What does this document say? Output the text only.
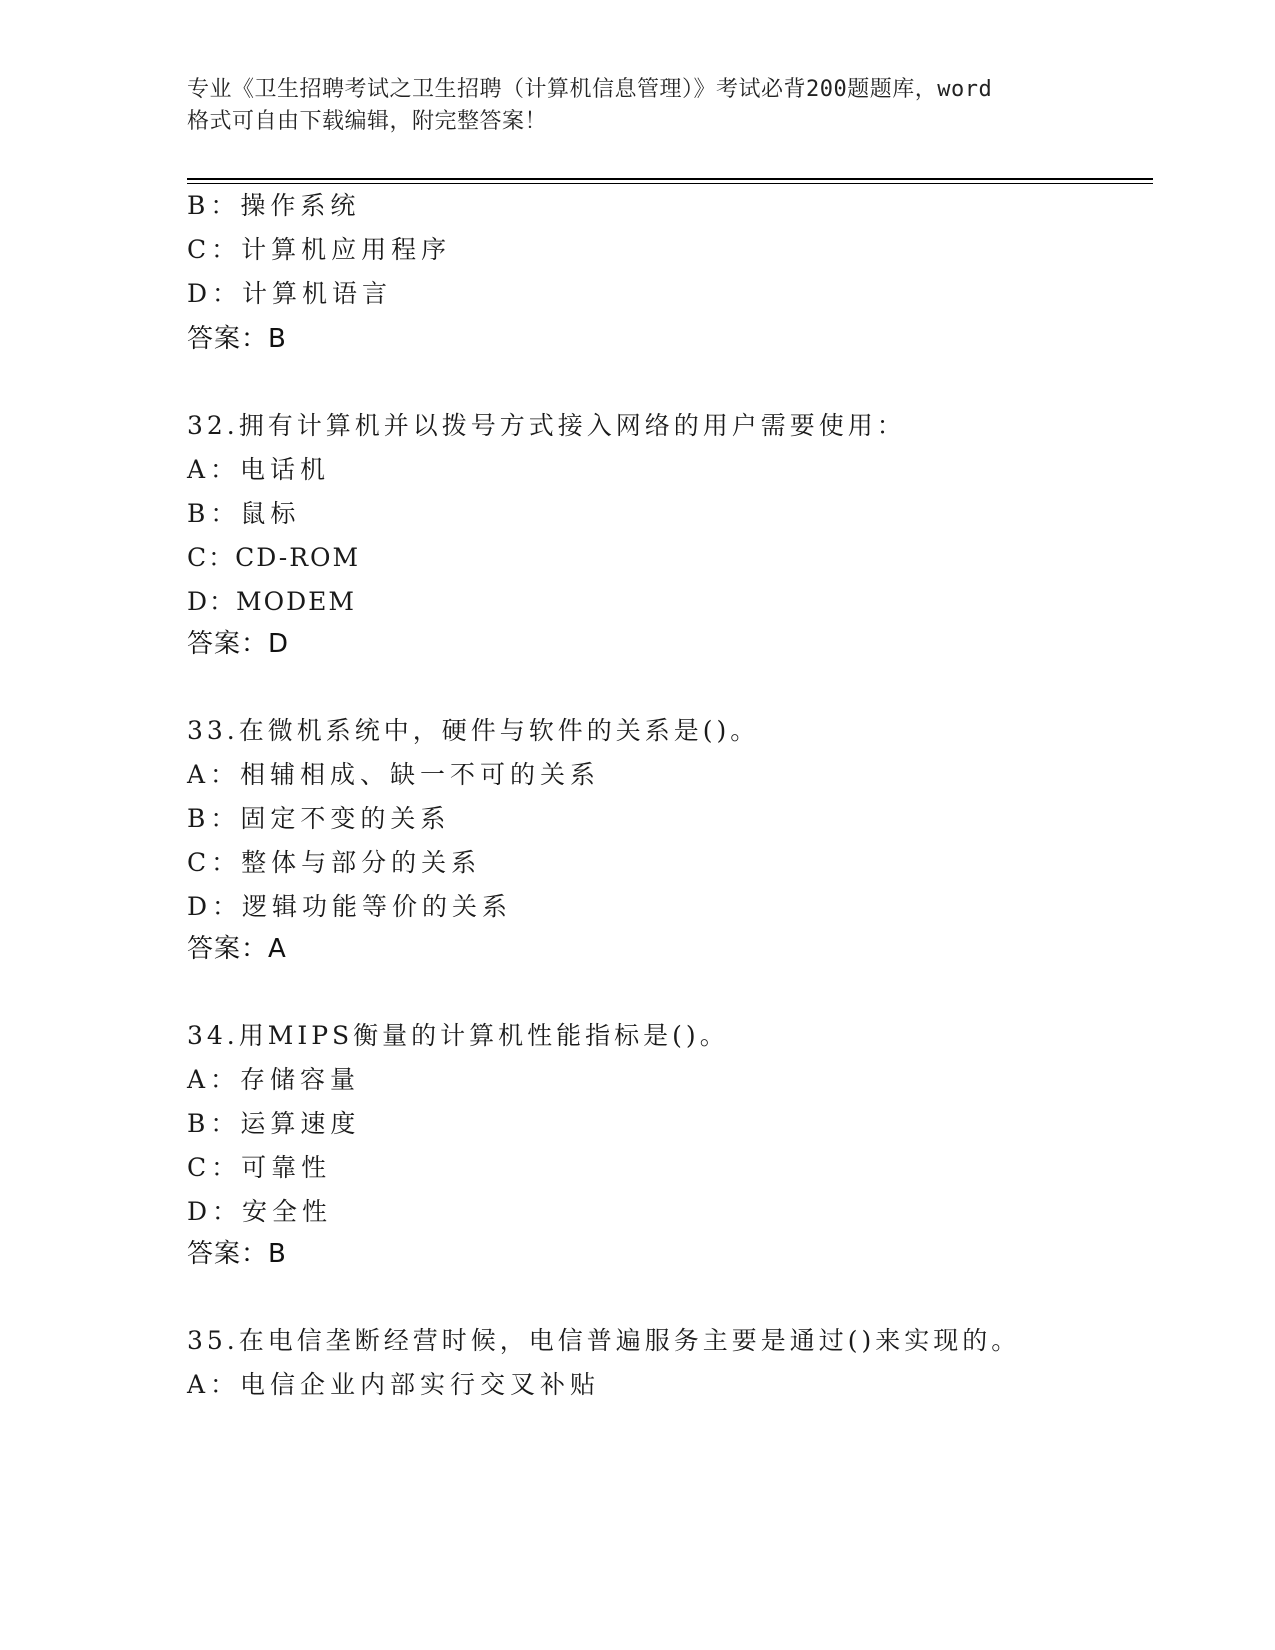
专业《卫生招聘考试之卫生招聘（计算机信息管理）》考试必背200题题库，word
格式可自由下载编辑，附完整答案！
B：操作系统
C：计算机应用程序
D：计算机语言
答案：B
32.拥有计算机并以拨号方式接入网络的用户需要使用：
A：电话机
B：鼠标
C：CD-ROM
D：MODEM
答案：D
33.在微机系统中，硬件与软件的关系是()。
A：相辅相成、缺一不可的关系
B：固定不变的关系
C：整体与部分的关系
D：逻辑功能等价的关系
答案：A
34.用MIPS衡量的计算机性能指标是()。
A：存储容量
B：运算速度
C：可靠性
D：安全性
答案：B
35.在电信垄断经营时候，电信普遍服务主要是通过()来实现的。
A：电信企业内部实行交叉补贴
